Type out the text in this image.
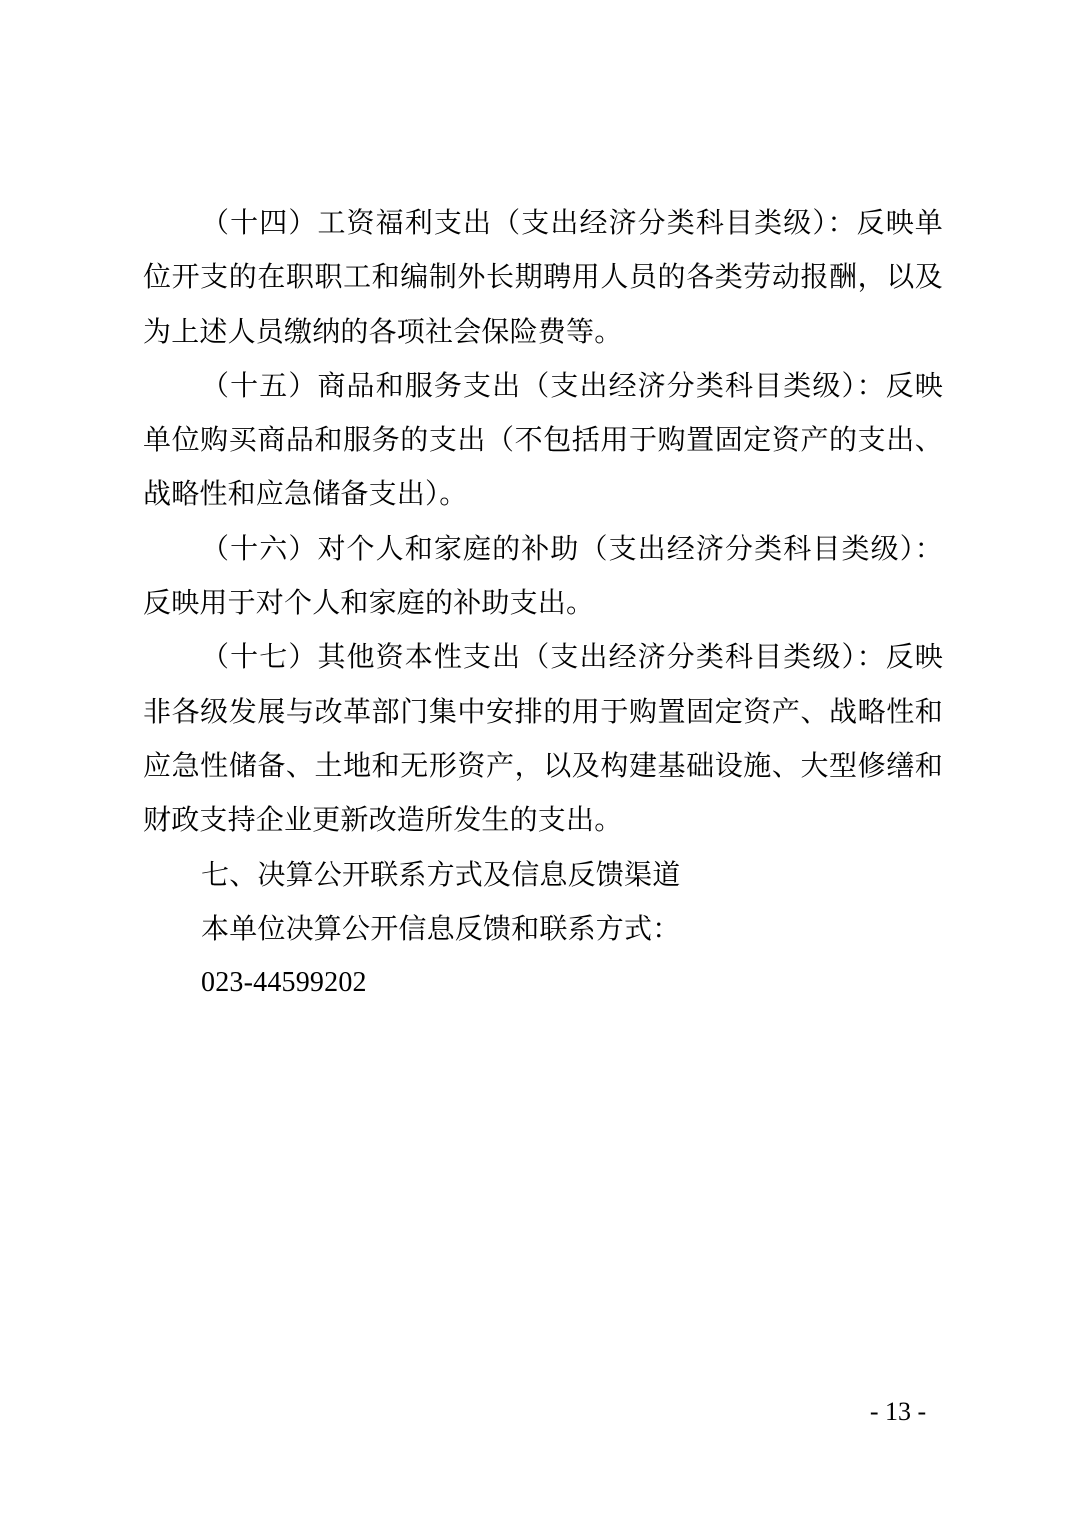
（十四）工资福利支出（支出经济分类科目类级）：反映单位开支的在职职工和编制外长期聘用人员的各类劳动报酬，以及为上述人员缴纳的各项社会保险费等。

（十五）商品和服务支出（支出经济分类科目类级）：反映单位购买商品和服务的支出（不包括用于购置固定资产的支出、战略性和应急储备支出）。

（十六）对个人和家庭的补助（支出经济分类科目类级）：反映用于对个人和家庭的补助支出。

（十七）其他资本性支出（支出经济分类科目类级）：反映非各级发展与改革部门集中安排的用于购置固定资产、战略性和应急性储备、土地和无形资产，以及构建基础设施、大型修缮和财政支持企业更新改造所发生的支出。

七、决算公开联系方式及信息反馈渠道

本单位决算公开信息反馈和联系方式：

023-44599202

- 13 -
